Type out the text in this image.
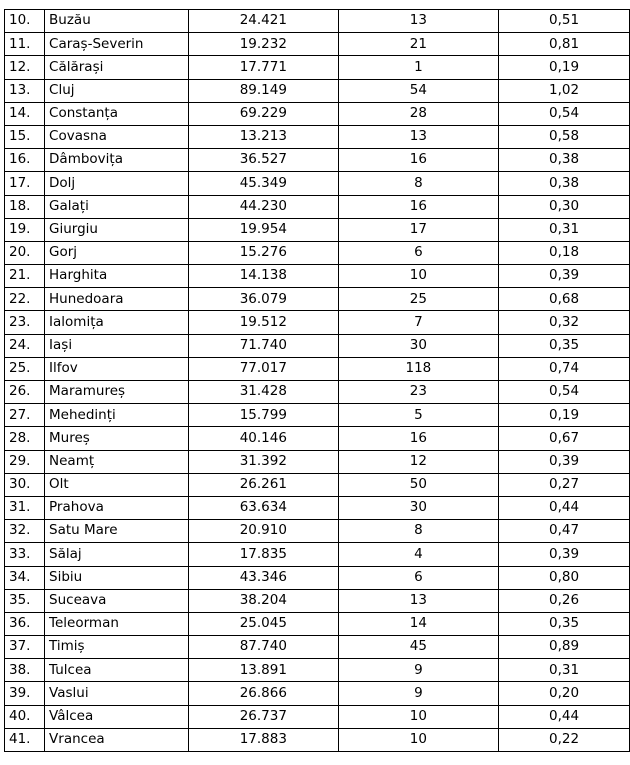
10.	Buzău	24.421	13	0,51
11.	Caraș-Severin	19.232	21	0,81
12.	Călărași	17.771	1	0,19
13.	Cluj	89.149	54	1,02
14.	Constanța	69.229	28	0,54
15.	Covasna	13.213	13	0,58
16.	Dâmbovița	36.527	16	0,38
17.	Dolj	45.349	8	0,38
18.	Galați	44.230	16	0,30
19.	Giurgiu	19.954	17	0,31
20.	Gorj	15.276	6	0,18
21.	Harghita	14.138	10	0,39
22.	Hunedoara	36.079	25	0,68
23.	Ialomița	19.512	7	0,32
24.	Iași	71.740	30	0,35
25.	Ilfov	77.017	118	0,74
26.	Maramureș	31.428	23	0,54
27.	Mehedinți	15.799	5	0,19
28.	Mureș	40.146	16	0,67
29.	Neamț	31.392	12	0,39
30.	Olt	26.261	50	0,27
31.	Prahova	63.634	30	0,44
32.	Satu Mare	20.910	8	0,47
33.	Sălaj	17.835	4	0,39
34.	Sibiu	43.346	6	0,80
35.	Suceava	38.204	13	0,26
36.	Teleorman	25.045	14	0,35
37.	Timiș	87.740	45	0,89
38.	Tulcea	13.891	9	0,31
39.	Vaslui	26.866	9	0,20
40.	Vâlcea	26.737	10	0,44
41.	Vrancea	17.883	10	0,22
